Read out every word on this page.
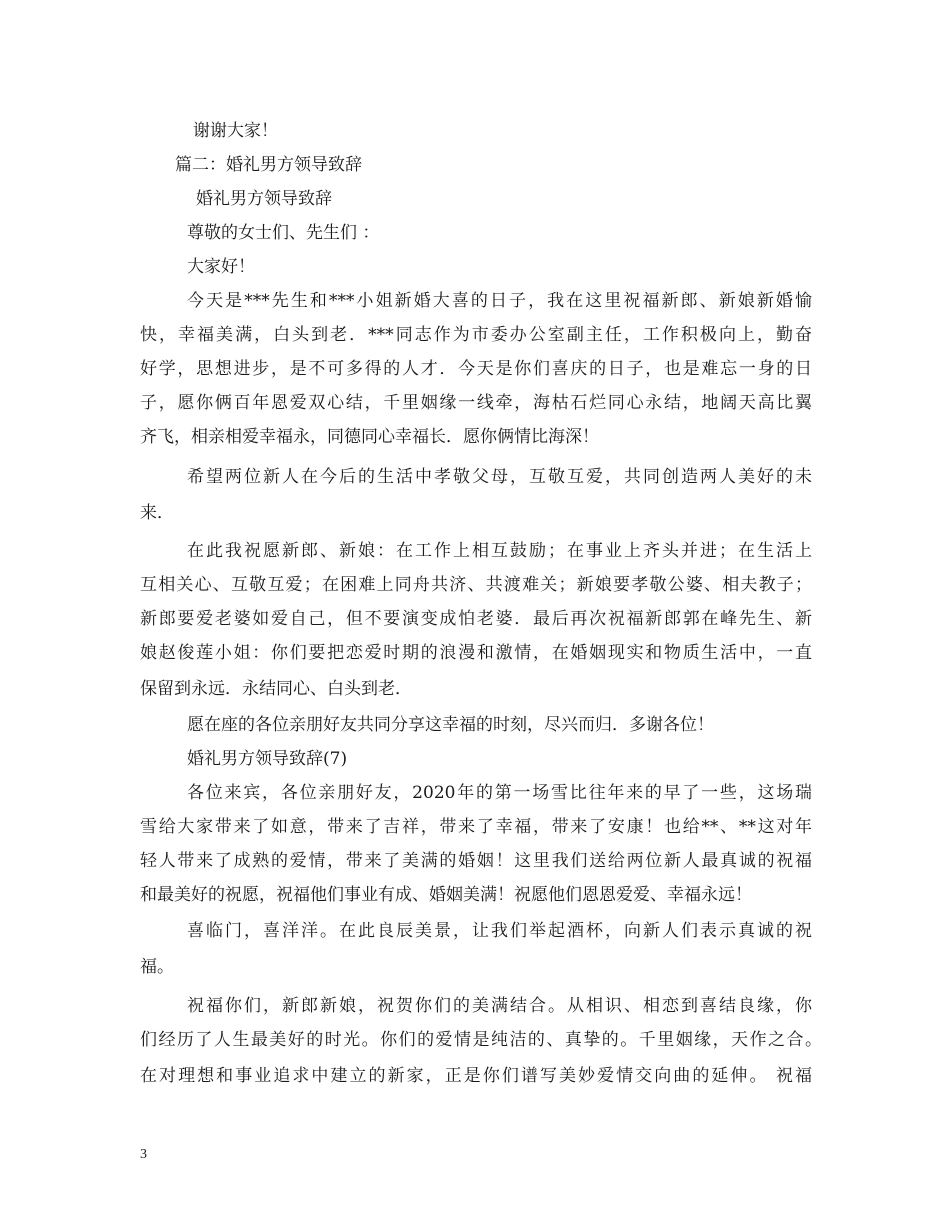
谢谢大家！

篇二：婚礼男方领导致辞

婚礼男方领导致辞

尊敬的女士们、先生们 ：

大家好！

今天是***先生和***小姐新婚大喜的日子，我在这里祝福新郎、新娘新婚愉

快，幸福美满，白头到老．***同志作为市委办公室副主任，工作积极向上，勤奋

好学，思想进步，是不可多得的人才．今天是你们喜庆的日子，也是难忘一身的日

子，愿你俩百年恩爱双心结，千里姻缘一线牵，海枯石烂同心永结，地阔天高比翼

齐飞，相亲相爱幸福永，同德同心幸福长．愿你俩情比海深！

希望两位新人在今后的生活中孝敬父母，互敬互爱，共同创造两人美好的未

来．

在此我祝愿新郎、新娘：在工作上相互鼓励；在事业上齐头并进；在生活上

互相关心、互敬互爱；在困难上同舟共济、共渡难关；新娘要孝敬公婆、相夫教子；

新郎要爱老婆如爱自己，但不要演变成怕老婆．最后再次祝福新郎郭在峰先生、新

娘赵俊莲小姐：你们要把恋爱时期的浪漫和激情，在婚姻现实和物质生活中，一直

保留到永远．永结同心、白头到老．

愿在座的各位亲朋好友共同分享这幸福的时刻，尽兴而归．多谢各位！

婚礼男方领导致辞(7)

各位来宾，各位亲朋好友，2020年的第一场雪比往年来的早了一些，这场瑞

雪给大家带来了如意，带来了吉祥，带来了幸福，带来了安康！也给**、**这对年

轻人带来了成熟的爱情，带来了美满的婚姻！这里我们送给两位新人最真诚的祝福

和最美好的祝愿，祝福他们事业有成、婚姻美满！祝愿他们恩恩爱爱、幸福永远！

喜临门，喜洋洋。在此良辰美景，让我们举起酒杯，向新人们表示真诚的祝

福。

祝福你们，新郎新娘，祝贺你们的美满结合。从相识、相恋到喜结良缘，你

们经历了人生最美好的时光。你们的爱情是纯洁的、真挚的。千里姻缘，天作之合。

在对理想和事业追求中建立的新家，正是你们谱写美妙爱情交向曲的延伸。 祝福

3
